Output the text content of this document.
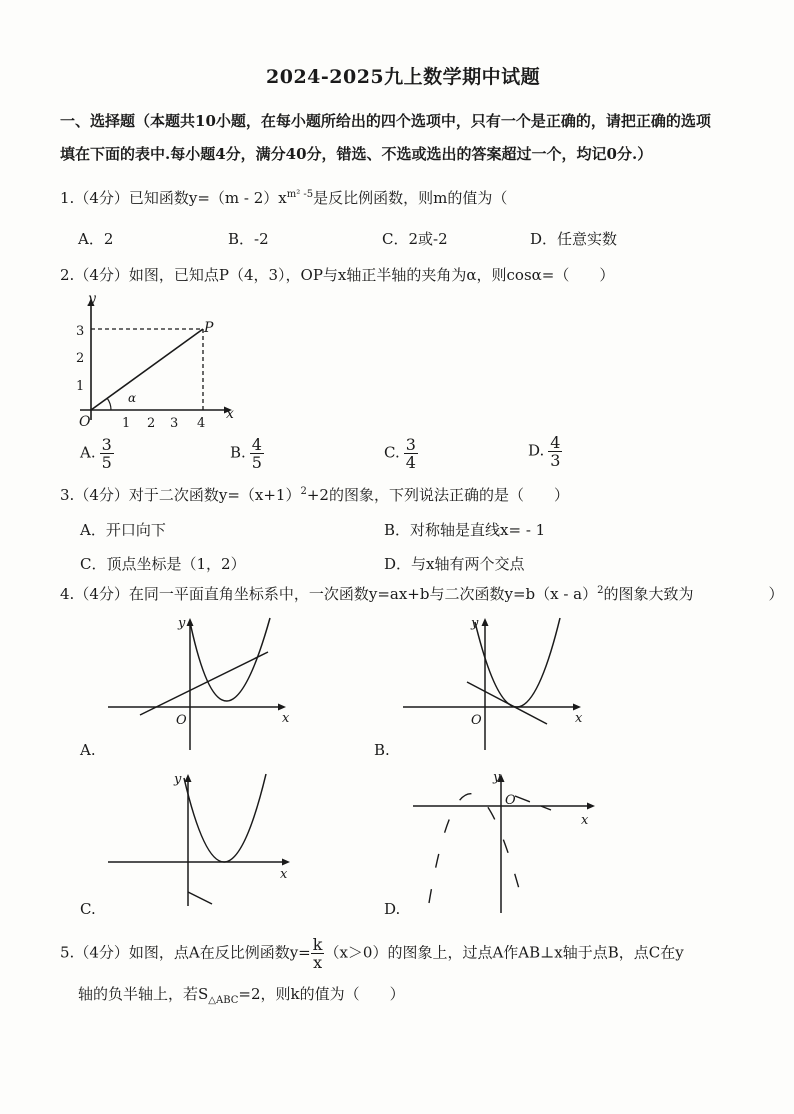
2024-2025九上数学期中试题
一、选择题（本题共10小题，在每小题所给出的四个选项中，只有一个是正确的，请把正确的选项
填在下面的表中.每小题4分，满分40分，错选、不选或选出的答案超过一个，均记0分.）
1.（4分）已知函数$y=(m - 2)x^{m^2 -5}$是反比例函数，则m的值为（
A．2	B．-2	C．2或-2	D．任意实数
2.（4分）如图，已知点P（4，3），OP与x轴正半轴的夹角为α，则cosα=（　　）
y
x
O
P
α
1 2 3 4
1
2
3
A. $\frac{3}{5}$	B. $\frac{4}{5}$	C. $\frac{3}{4}$	D. $\frac{4}{3}$
3.（4分）对于二次函数$y=(x+1)^2+2$的图象，下列说法正确的是（　　）
A．开口向下	B．对称轴是直线x= - 1
C．顶点坐标是（1，2）	D．与x轴有两个交点
4.（4分）在同一平面直角坐标系中，一次函数y=ax+b与二次函数y=b（x - a）$^2$的图象大致为　　　　　）
y
x
O
A.
y
x
O
B.
y
x
C.
y
x
O
D.
5.（4分）如图，点A在反比例函数$y= \frac{k}{x} (x>0)$的图象上，过点A作AB⊥x轴于点B，点C在y
轴的负半轴上，若$S_{\triangle ABC}=2$，则k的值为（　　）
